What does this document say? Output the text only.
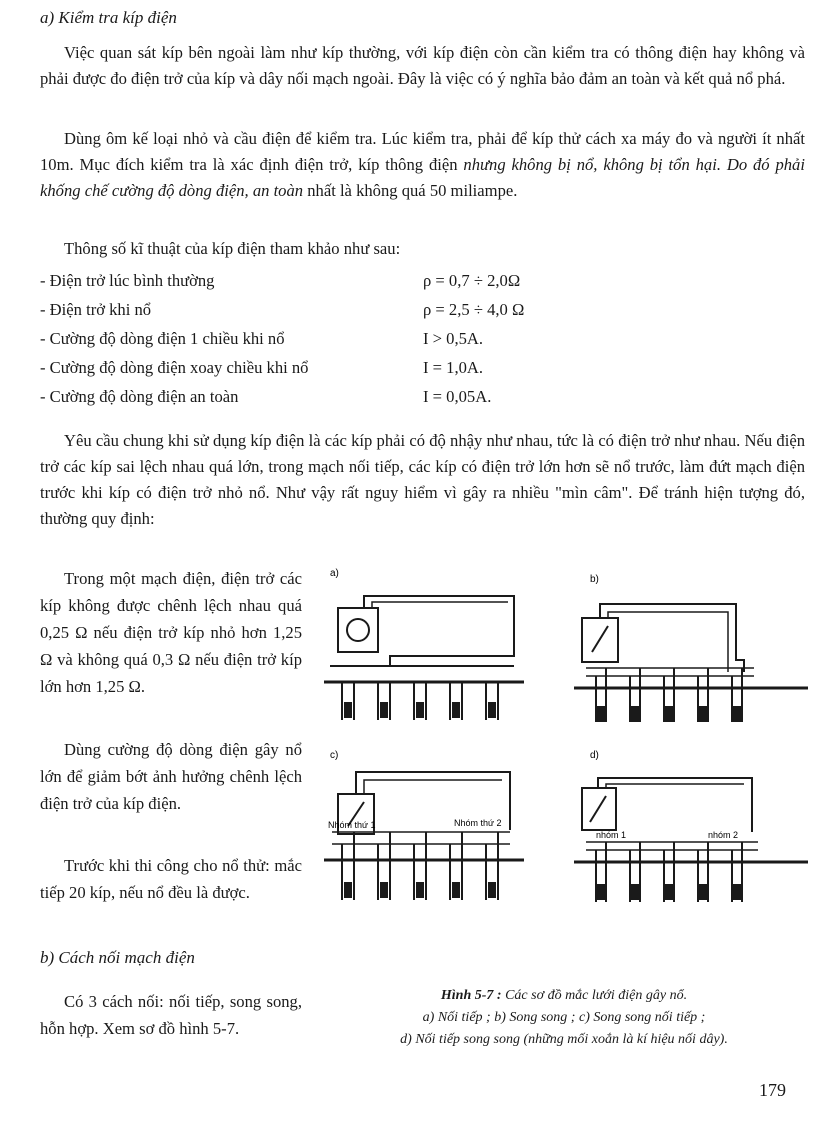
a) Kiểm tra kíp điện

Việc quan sát kíp bên ngoài làm như kíp thường, với kíp điện còn cần kiểm tra có thông điện hay không và phải được đo điện trở của kíp và dây nối mạch ngoài. Đây là việc có ý nghĩa bảo đảm an toàn và kết quả nổ phá.

Dùng ôm kế loại nhỏ và cầu điện để kiểm tra. Lúc kiểm tra, phải để kíp thử cách xa máy đo và người ít nhất 10m. Mục đích kiểm tra là xác định điện trở, kíp thông điện nhưng không bị nổ, không bị tổn hại. Do đó phải khống chế cường độ dòng điện, an toàn nhất là không quá 50 miliampe.

Thông số kĩ thuật của kíp điện tham khảo như sau:

- Điện trở lúc bình thường	ρ = 0,7 ÷ 2,0Ω
- Điện trở khi nổ	ρ = 2,5 ÷ 4,0 Ω
- Cường độ dòng điện 1 chiều khi nổ	I > 0,5A.
- Cường độ dòng điện xoay chiều khi nổ	I = 1,0A.
- Cường độ dòng điện an toàn	I = 0,05A.

Yêu cầu chung khi sử dụng kíp điện là các kíp phải có độ nhậy như nhau, tức là có điện trở như nhau. Nếu điện trở các kíp sai lệch nhau quá lớn, trong mạch nối tiếp, các kíp có điện trở lớn hơn sẽ nổ trước, làm đứt mạch điện trước khi kíp có điện trở nhỏ nổ. Như vậy rất nguy hiểm vì gây ra nhiều "mìn câm". Để tránh hiện tượng đó, thường quy định:

Trong một mạch điện, điện trở các kíp không được chênh lệch nhau quá 0,25 Ω nếu điện trở kíp nhỏ hơn 1,25 Ω và không quá 0,3 Ω nếu điện trở kíp lớn hơn 1,25 Ω.

Dùng cường độ dòng điện gây nổ lớn để giảm bớt ảnh hưởng chênh lệch điện trở của kíp điện.

Trước khi thi công cho nổ thử: mắc tiếp 20 kíp, nếu nổ đều là được.

b) Cách nối mạch điện

Có 3 cách nối: nối tiếp, song song, hỗn hợp. Xem sơ đồ hình 5-7.

a)
b)
c)
Nhóm thứ 1	Nhóm thứ 2
d)
nhóm 1	nhóm 2
Hình 5-7 : Các sơ đồ mắc lưới điện gây nổ.
a) Nối tiếp ; b) Song song ; c) Song song nối tiếp ;
d) Nối tiếp song song (những mối xoắn là kí hiệu nối dây).
179
